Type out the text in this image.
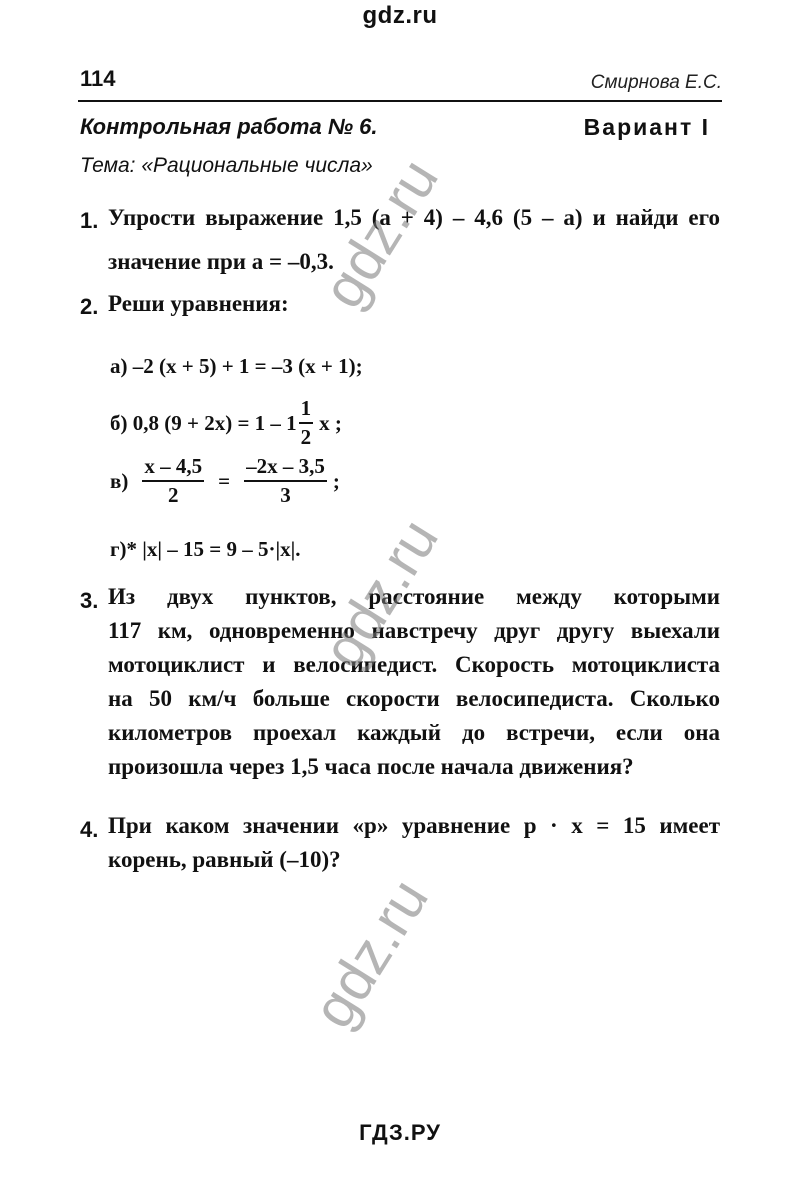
gdz.ru
114	Смирнова Е.С.
Контрольная работа № 6.	Вариант I
Тема: «Рациональные числа»
1. Упрости выражение 1,5 (a + 4) – 4,6 (5 – a) и найди его
значение при a = –0,3.
2. Реши уравнения:
а) –2 (x + 5) + 1 = –3 (x + 1);
б) 0,8 $(9 + 2x) = 1 - 1 \frac{1}{2}$ x ;
$в) \frac{x - 4,5}{2} = \frac{-2x - 3,5}{3}$ ;
г)* |x| – 15 = 9 – 5·|x|.
3. Из двух пунктов, расстояние между которыми
117 км, одновременно навстречу друг другу выехали
мотоциклист и велосипедист. Скорость мотоциклиста
на 50 км/ч больше скорости велосипедиста. Сколько
километров проехал каждый до встречи, если она
произошла через 1,5 часа после начала движения?
4. При каком значении «p» уравнение p · x = 15 имеет
корень, равный (–10)?
gdz.ru
gdz.ru
gdz.ru
ГДЗ.РУ
